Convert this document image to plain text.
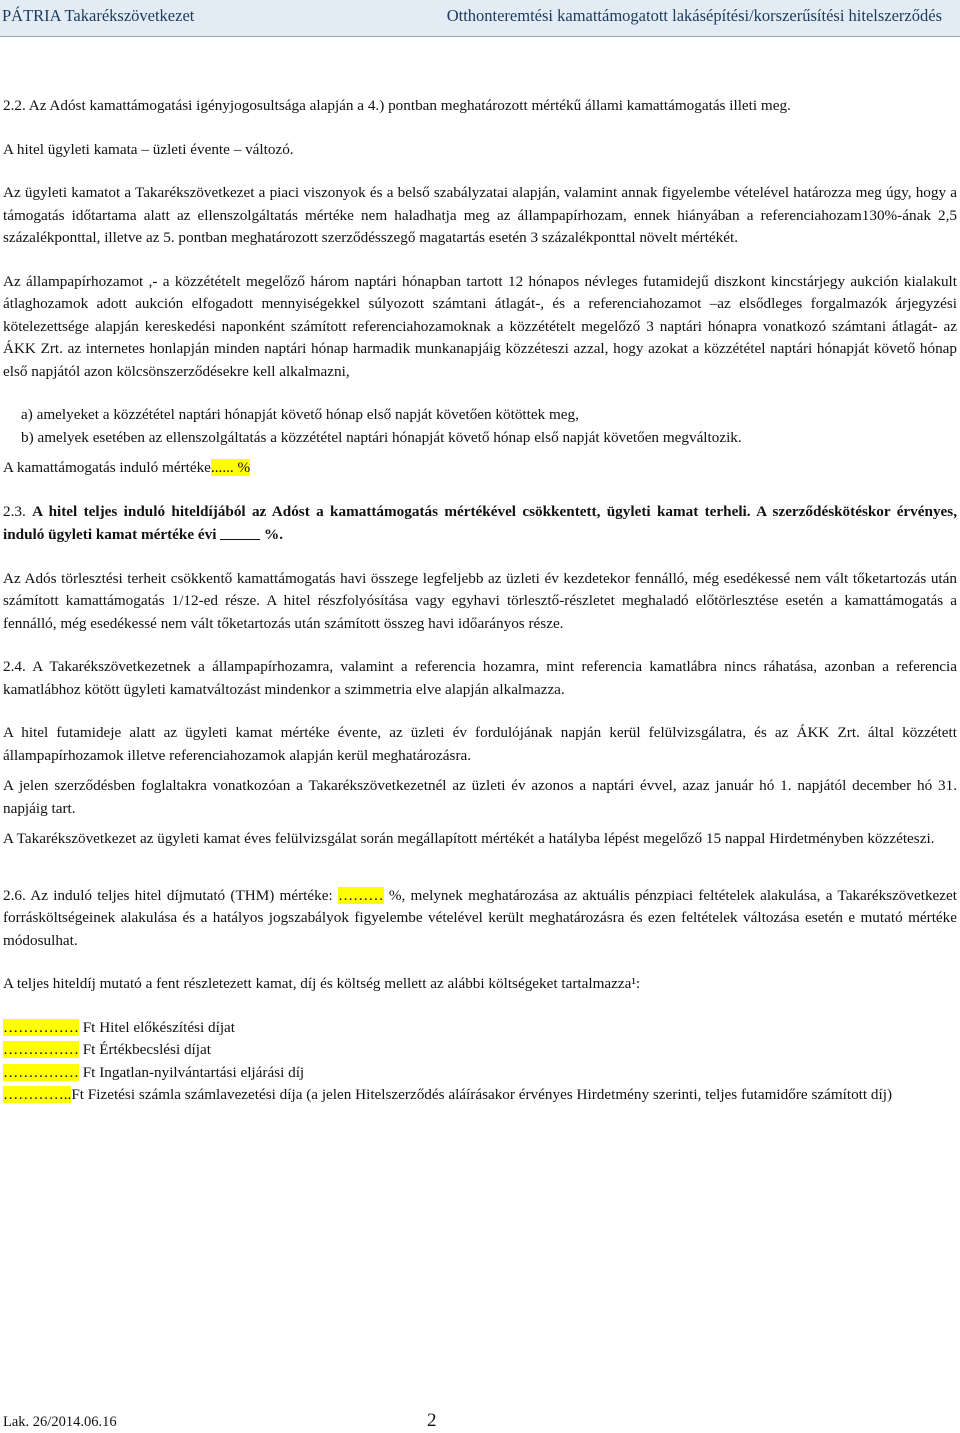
PÁTRIA Takarékszövetkezet	Otthonteremtési kamattámogatott lakásépítési/korszerűsítési hitelszerződés

2.2. Az Adóst kamattámogatási igényjogosultsága alapján a 4.) pontban meghatározott mértékű állami kamattámogatás illeti meg.

A hitel ügyleti kamata – üzleti évente – változó.

Az ügyleti kamatot a Takarékszövetkezet a piaci viszonyok és a belső szabályzatai alapján, valamint annak figyelembe vételével határozza meg úgy, hogy a támogatás időtartama alatt az ellenszolgáltatás mértéke nem haladhatja meg az állampapírhozam, ennek hiányában a referenciahozam130%-ának 2,5 százalékponttal, illetve az 5. pontban meghatározott szerződésszegő magatartás esetén 3 százalékponttal növelt mértékét.

Az állampapírhozamot ,- a közzétételt megelőző három naptári hónapban tartott 12 hónapos névleges futamidejű diszkont kincstárjegy aukción kialakult átlaghozamok adott aukción elfogadott mennyiségekkel súlyozott számtani átlagát-, és a referenciahozamot –az elsődleges forgalmazók árjegyzési kötelezettsége alapján kereskedési naponként számított referenciahozamoknak a közzétételt megelőző 3 naptári hónapra vonatkozó számtani átlagát- az ÁKK Zrt. az internetes honlapján minden naptári hónap harmadik munkanapjáig közzéteszi azzal, hogy azokat a közzététel naptári hónapját követő hónap első napjától azon kölcsönszerződésekre kell alkalmazni,

a) amelyeket a közzététel naptári hónapját követő hónap első napját követően kötöttek meg,

b) amelyek esetében az ellenszolgáltatás a közzététel naptári hónapját követő hónap első napját követően megváltozik.

A kamattámogatás induló mértéke...... %

2.3. A hitel teljes induló hiteldíjából az Adóst a kamattámogatás mértékével csökkentett, ügyleti kamat terheli. A szerződéskötéskor érvényes, induló ügyleti kamat mértéke évi	%.

Az Adós törlesztési terheit csökkentő kamattámogatás havi összege legfeljebb az üzleti év kezdetekor fennálló, még esedékessé nem vált tőketartozás után számított kamattámogatás 1/12-ed része. A hitel részfolyósítása vagy egyhavi törlesztő-részletet meghaladó előtörlesztése esetén a kamattámogatás a fennálló, még esedékessé nem vált tőketartozás után számított összeg havi időarányos része.

2.4. A Takarékszövetkezetnek a állampapírhozamra, valamint a referencia hozamra, mint referencia kamatlábra nincs ráhatása, azonban a referencia kamatlábhoz kötött ügyleti kamatváltozást mindenkor a szimmetria elve alapján alkalmazza.

A hitel futamideje alatt az ügyleti kamat mértéke évente, az üzleti év fordulójának napján kerül felülvizsgálatra, és az ÁKK Zrt. által közzétett állampapírhozamok illetve referenciahozamok alapján kerül meghatározásra.

A jelen szerződésben foglaltakra vonatkozóan a Takarékszövetkezetnél az üzleti év azonos a naptári évvel, azaz január hó 1. napjától december hó 31. napjáig tart.

A Takarékszövetkezet az ügyleti kamat éves felülvizsgálat során megállapított mértékét a hatályba lépést megelőző 15 nappal Hirdetményben közzéteszi.

2.6. Az induló teljes hitel díjmutató (THM) mértéke: ……… %, melynek meghatározása az aktuális pénzpiaci feltételek alakulása, a Takarékszövetkezet forrásköltségeinek alakulása és a hatályos jogszabályok figyelembe vételével került meghatározásra és ezen feltételek változása esetén e mutató mértéke módosulhat.

A teljes hiteldíj mutató a fent részletezett kamat, díj és költség mellett az alábbi költségeket tartalmazza¹:

…………… Ft Hitel előkészítési díjat

…………… Ft Értékbecslési díjat

…………… Ft Ingatlan-nyilvántartási eljárási díj

…………..Ft Fizetési számla számlavezetési díja (a jelen Hitelszerződés aláírásakor érvényes Hirdetmény szerinti, teljes futamidőre számított díj)

Lak. 26/2014.06.16	2
